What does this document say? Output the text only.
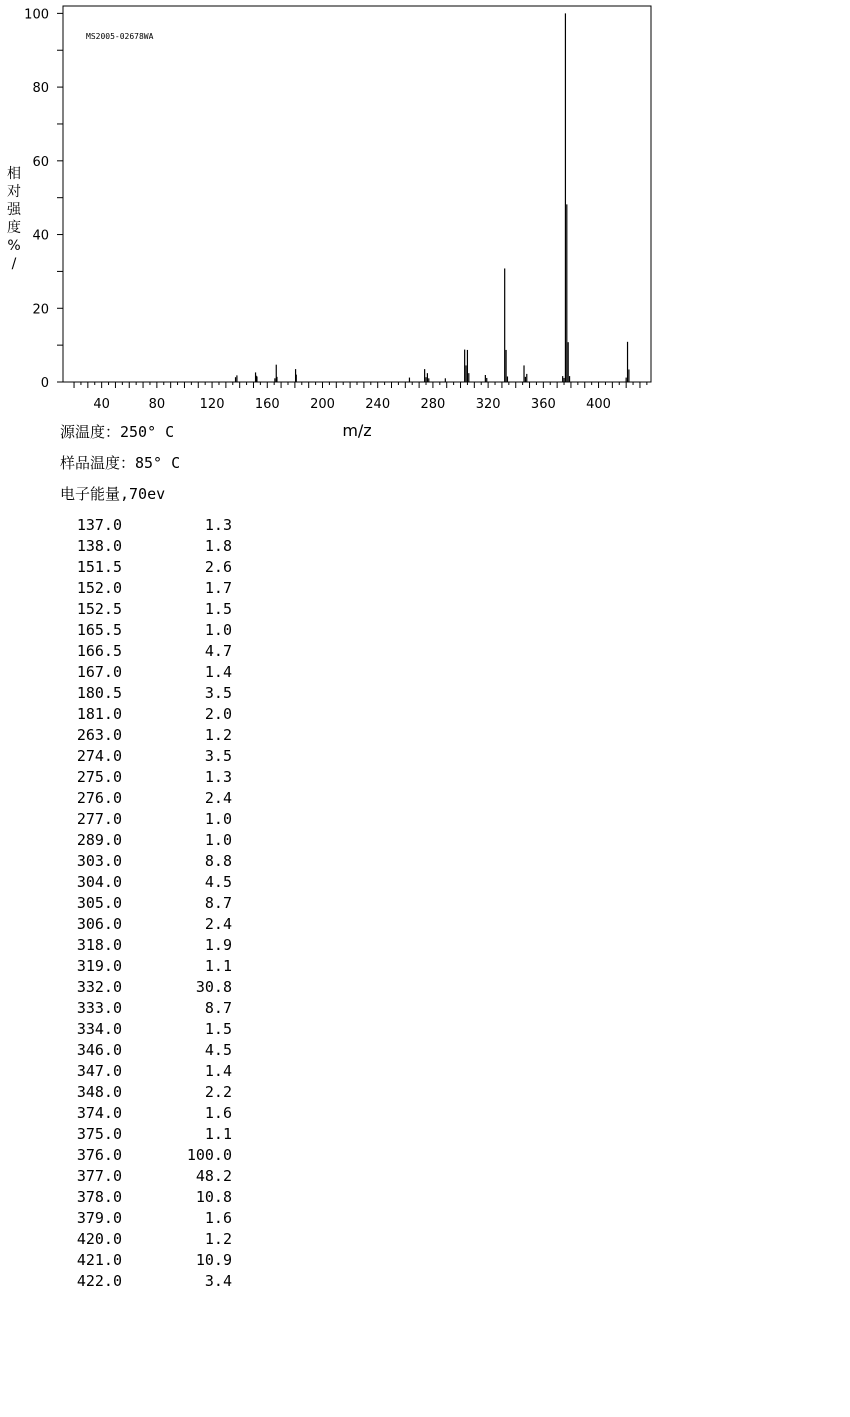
0
20
40
60
80
100
40	80	120 160 200 240 280 320 360 400
MS2005-02678WA
m/z
相对强度% /
源温度：250° C
样品温度：85° C
电子能量,70ev
137.0	1.3
138.0	1.8
151.5	2.6
152.0	1.7
152.5	1.5
165.5	1.0
166.5	4.7
167.0	1.4
180.5	3.5
181.0	2.0
263.0	1.2
274.0	3.5
275.0	1.3
276.0	2.4
277.0	1.0
289.0	1.0
303.0	8.8
304.0	4.5
305.0	8.7
306.0	2.4
318.0	1.9
319.0	1.1
332.0	30.8
333.0	8.7
334.0	1.5
346.0	4.5
347.0	1.4
348.0	2.2
374.0	1.6
375.0	1.1
376.0	100.0
377.0	48.2
378.0	10.8
379.0	1.6
420.0	1.2
421.0	10.9
422.0	3.4
